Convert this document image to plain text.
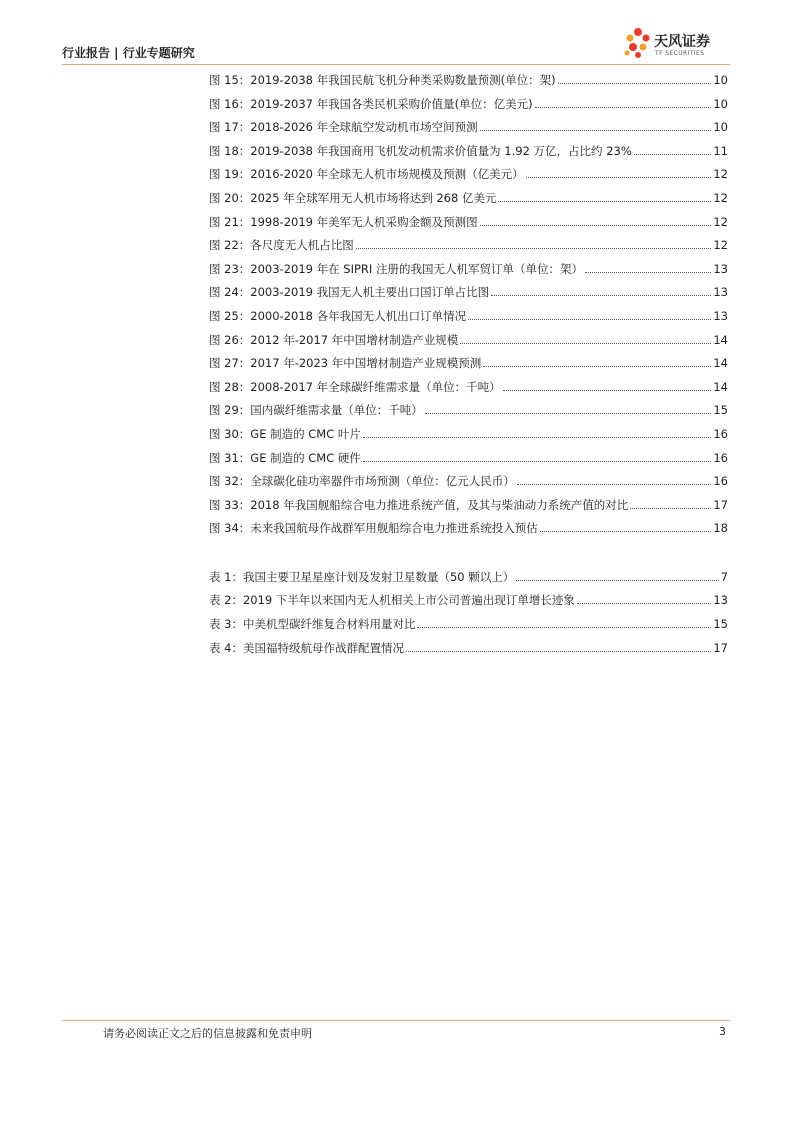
行业报告 | 行业专题研究
天风证券
TF SECURITIES
图 15：2019-2038 年我国民航飞机分种类采购数量预测(单位：架)	10
图 16：2019-2037 年我国各类民机采购价值量(单位：亿美元)	10
图 17：2018-2026 年全球航空发动机市场空间预测	10
图 18：2019-2038 年我国商用飞机发动机需求价值量为 1.92 万亿，占比约 23%	11
图 19：2016-2020 年全球无人机市场规模及预测（亿美元）	12
图 20：2025 年全球军用无人机市场将达到 268 亿美元	12
图 21：1998-2019 年美军无人机采购金额及预测图	12
图 22：各尺度无人机占比图	12
图 23：2003-2019 年在 SIPRI 注册的我国无人机军贸订单（单位：架）	13
图 24：2003-2019 我国无人机主要出口国订单占比图	13
图 25：2000-2018 各年我国无人机出口订单情况	13
图 26：2012 年-2017 年中国增材制造产业规模	14
图 27：2017 年-2023 年中国增材制造产业规模预测	14
图 28：2008-2017 年全球碳纤维需求量（单位：千吨）	14
图 29：国内碳纤维需求量（单位：千吨）	15
图 30：GE 制造的 CMC 叶片	16
图 31：GE 制造的 CMC 硬件	16
图 32：全球碳化硅功率器件市场预测（单位：亿元人民币）	16
图 33：2018 年我国舰船综合电力推进系统产值，及其与柴油动力系统产值的对比	17
图 34：未来我国航母作战群军用舰船综合电力推进系统投入预估	18
表 1：我国主要卫星星座计划及发射卫星数量（50 颗以上）	7
表 2：2019 下半年以来国内无人机相关上市公司普遍出现订单增长迹象	13
表 3：中美机型碳纤维复合材料用量对比	15
表 4：美国福特级航母作战群配置情况	17
请务必阅读正文之后的信息披露和免责申明	3
